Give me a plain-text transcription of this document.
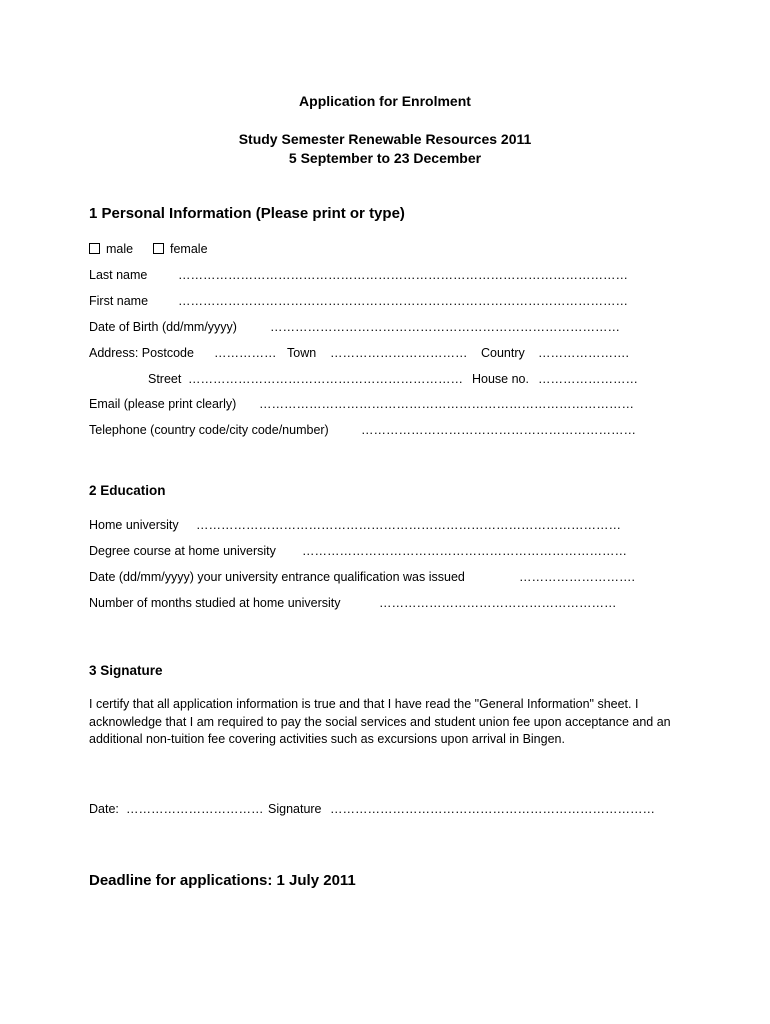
Application for Enrolment
Study Semester Renewable Resources 2011
5 September to 23 December
1 Personal Information (Please print or type)
male	female
Last name ………………………………………………………………………………………………
First name ………………………………………………………………………………………………
Date of Birth (dd/mm/yyyy)	…………………………………………………………………………
Address: Postcode …………… Town …………………………… Country ………………….
Street ………………………………………………………… House no. ……………………
Email (please print clearly) ………………………………………………………………………………
Telephone (country code/city code/number)	…………………………………………………………
2 Education
Home university …………………………………………………………………………………………
Degree course at home university ……………………………………………………………………
Date (dd/mm/yyyy) your university entrance qualification was issued	……………………….
Number of months studied at home university	…………………………………………………
3 Signature
I certify that all application information is true and that I have read the "General Information" sheet. I acknowledge that I am required to pay the social services and student union fee upon acceptance and an additional non-tuition fee covering activities such as excursions upon arrival in Bingen.
Date: …………………………… Signature ……………………………………………………………………
Deadline for applications: 1 July 2011
